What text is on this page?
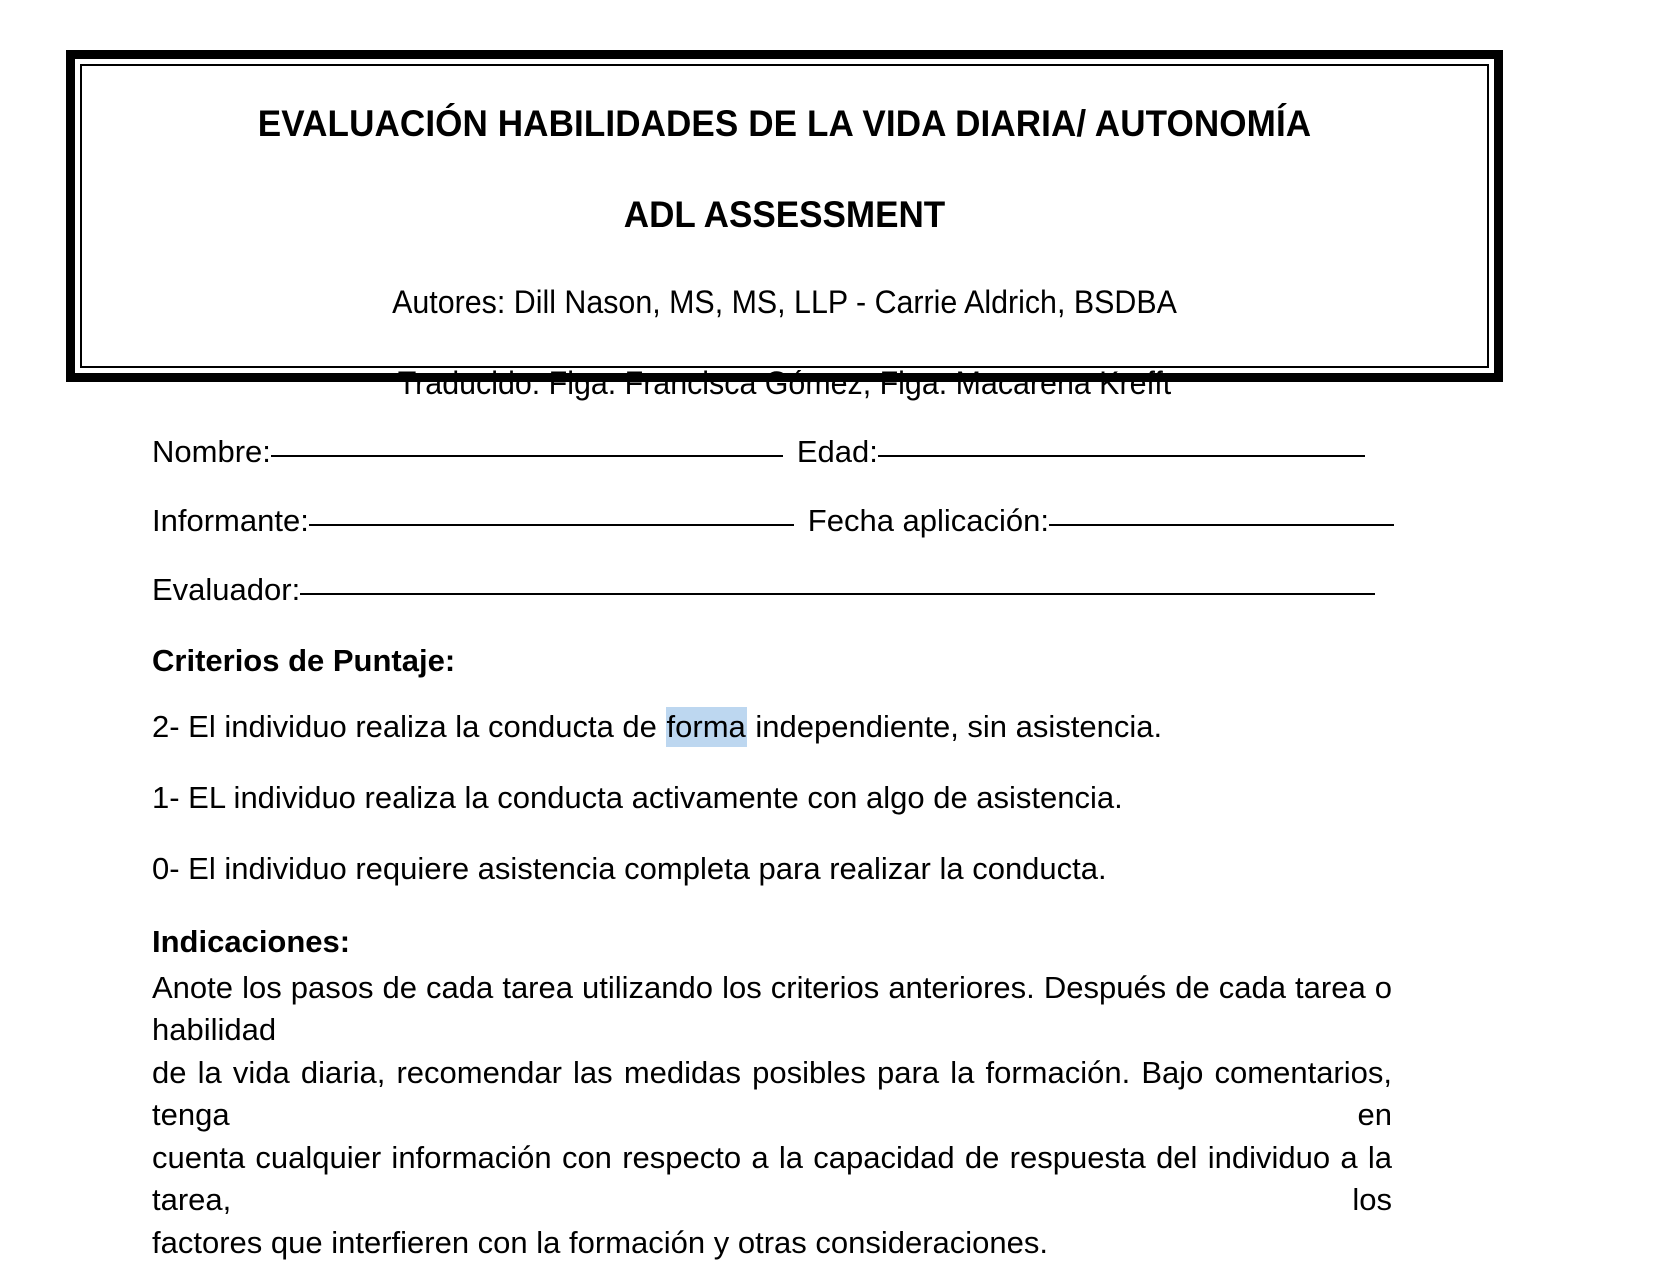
EVALUACIÓN HABILIDADES DE LA VIDA DIARIA/ AUTONOMÍA
ADL ASSESSMENT
Autores: Dill Nason, MS, MS, LLP - Carrie Aldrich, BSDBA
Traducido: Flga. Francisca Gómez, Flga. Macarena Krefft
Nombre:	Edad:
Informante:	Fecha aplicación:
Evaluador:
Criterios de Puntaje:
2- El individuo realiza la conducta de forma independiente, sin asistencia.
1- EL individuo realiza la conducta activamente con algo de asistencia.
0- El individuo requiere asistencia completa para realizar la conducta.
Indicaciones:
Anote los pasos de cada tarea utilizando los criterios anteriores. Después de cada tarea o habilidad
de la vida diaria, recomendar las medidas posibles para la formación. Bajo comentarios, tenga en
cuenta cualquier información con respecto a la capacidad de respuesta del individuo a la tarea, los
factores que interfieren con la formación y otras consideraciones.
